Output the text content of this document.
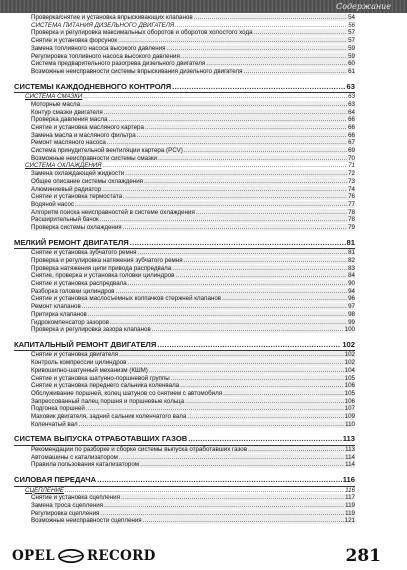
Содержание
Проверка/снятие и установка впрыскивающих клапанов .....	54
СИСТЕМА ПИТАНИЯ ДИЗЕЛЬНОГО ДВИГАТЕЛЯ .....	56
Проверка и регулировка максимальных оборотов и оборотов холостого хода .....	57
Снятие и установка форсунок .....	57
Замена топливного насоса высокого давления .....	59
Регулировка топливного насоса высокого давления .....	59
Система предварительного разогрева дизельного двигателя .....	60
Возможные неисправности системы впрыскивания дизельного двигателя .....	61
СИСТЕМЫ КАЖДОДНЕВНОГО КОНТРОЛЯ .....	63
СИСТЕМА СМАЗКИ .....	63
Моторные масла .....	63
Контур смазки двигателя .....	64
Проверка давления масла .....	66
Снятие и установка масляного картера .....	66
Замена масла и масляного фильтра .....	66
Ремонт масляного насоса .....	67
Система принудительной вентиляции картера (PCV) .....	69
Возможные неисправности системы смазки .....	70
СИСТЕМА ОХЛАЖДЕНИЯ .....	71
Замена охлаждающей жидкости .....	72
Общее описание системы охлаждения .....	73
Алюминиевый радиатор .....	74
Снятие и установка термостата .....	76
Водяной насос .....	77
Алгоритм поиска неисправностей в системе охлаждения .....	78
Расширительный бачок .....	78
Проверка системы охлаждения .....	79
МЕЛКИЙ РЕМОНТ ДВИГАТЕЛЯ .....	81
Снятие и установка зубчатого ремня .....	81
Проверка и регулировка натяжения зубчатого ремня .....	82
Проверка натяжения цепи привода распредвала .....	83
Снятие, проверка и установка головки цилиндров .....	84
Снятие и установка распредвала .....	90
Разборка головки цилиндров .....	94
Снятие и установка маслосъемных колпачков стержней клапанов .....	96
Ремонт клапанов .....	97
Притирка клапанов .....	98
Гидрокомпенсатор зазоров .....	99
Проверка и регулировка зазора клапанов .....	100
КАПИТАЛЬНЫЙ РЕМОНТ ДВИГАТЕЛЯ .....	102
Снятие и установка двигателя .....	102
Контроль компрессии цилиндров .....	102
Кривошипно-шатунный механизм (КШМ) .....	104
Снятие и установка шатунно-поршневой группы .....	105
Снятие и установка переднего сальника коленвала .....	106
Обслуживание поршней, колец шатунов со снятием с автомобиля .....	105
Запрессованный палец поршня и поршневые кольца .....	106
Подгонка поршней .....	107
Маховик двигателя, задний сальник коленчатого вала .....	109
Коленчатый вал .....	110
СИСТЕМА ВЫПУСКА ОТРАБОТАВШИХ ГАЗОВ .....	113
Рекомендации по разборке и сборке системы выпуска отработавших газов .....	113
Автомашины с катализатором .....	114
Правила пользования катализатором .....	114
СИЛОВАЯ ПЕРЕДАЧА .....	116
СЦЕПЛЕНИЕ .....	116
Снятие и установка сцепления .....	117
Замена троса сцепления .....	119
Регулировка сцепления .....	119
Возможные неисправности сцепления .....	121
OPEL RECORD	281
